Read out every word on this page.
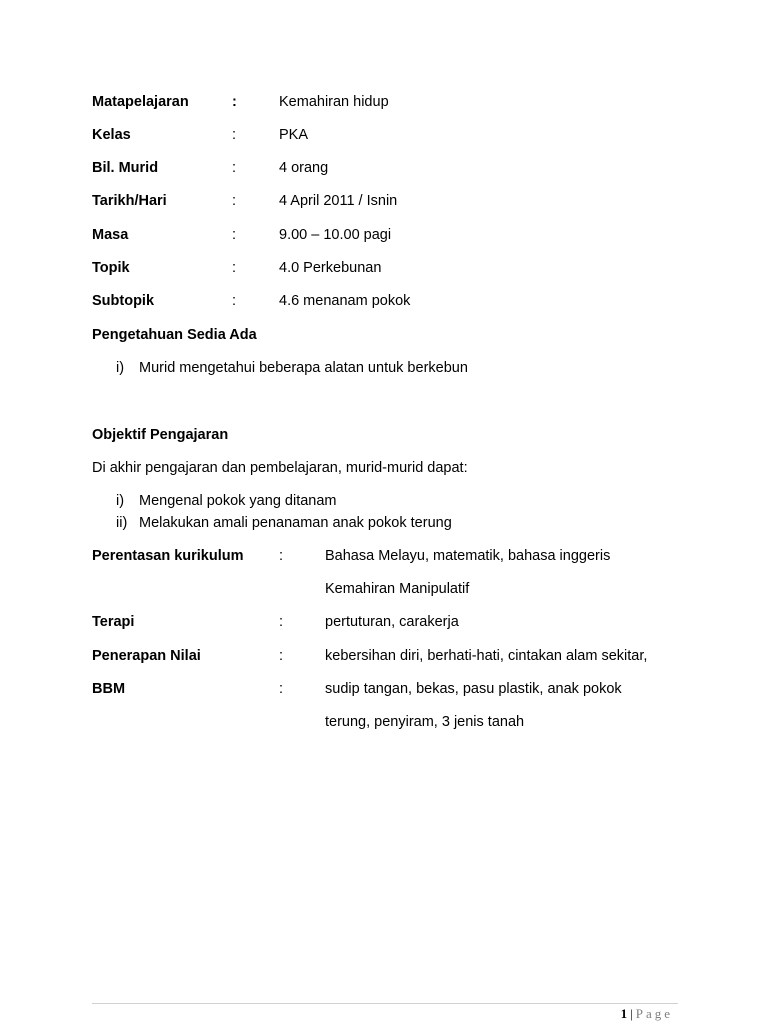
Matapelajaran	:	Kemahiran hidup
Kelas	:	PKA
Bil. Murid	:	4 orang
Tarikh/Hari	:	4 April 2011 / Isnin
Masa	:	9.00 – 10.00 pagi
Topik	:	4.0 Perkebunan
Subtopik	:	4.6 menanam pokok
Pengetahuan Sedia Ada
i) Murid mengetahui beberapa alatan untuk berkebun
Objektif Pengajaran
Di akhir pengajaran dan pembelajaran, murid-murid dapat:
i) Mengenal pokok yang ditanam
ii) Melakukan amali penanaman anak pokok terung
Perentasan kurikulum :	Bahasa Melayu, matematik, bahasa inggeris
Kemahiran Manipulatif
Terapi	:	pertuturan, carakerja
Penerapan Nilai	:	kebersihan diri, berhati-hati, cintakan alam sekitar,
BBM	:	sudip tangan, bekas, pasu plastik, anak pokok
terung, penyiram, 3 jenis tanah
1 | Page
